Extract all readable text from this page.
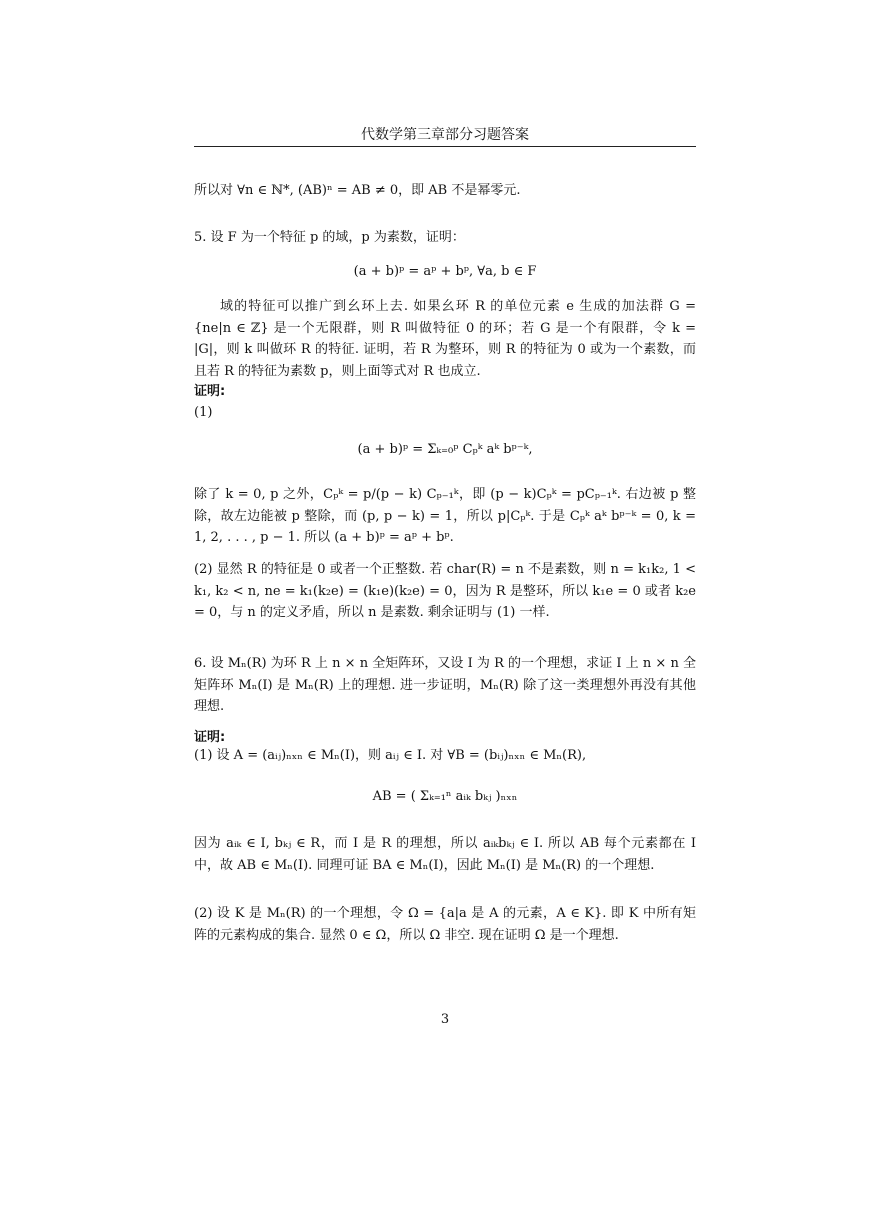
代数学第三章部分习题答案
所以对 ∀n ∈ ℕ*, (AB)ⁿ = AB ≠ 0，即 AB 不是幂零元.
5. 设 F 为一个特征 p 的域，p 为素数，证明：
(a + b)ᵖ = aᵖ + bᵖ, ∀a, b ∈ F
域的特征可以推广到幺环上去. 如果幺环 R 的单位元素 e 生成的加法群 G = {ne|n ∈ ℤ} 是一个无限群，则 R 叫做特征 0 的环；若 G 是一个有限群，令 k = |G|，则 k 叫做环 R 的特征. 证明，若 R 为整环，则 R 的特征为 0 或为一个素数，而且若 R 的特征为素数 p，则上面等式对 R 也成立.
证明:
(1)
(a + b)ᵖ = Σₖ₌₀ᵖ Cₚᵏ aᵏ bᵖ⁻ᵏ,
除了 k = 0, p 之外，Cₚᵏ = p/(p − k) Cₚ₋₁ᵏ，即 (p − k)Cₚᵏ = pCₚ₋₁ᵏ. 右边被 p 整除，故左边能被 p 整除，而 (p, p − k) = 1，所以 p|Cₚᵏ. 于是 Cₚᵏ aᵏ bᵖ⁻ᵏ = 0, k = 1, 2, . . . , p − 1. 所以 (a + b)ᵖ = aᵖ + bᵖ.
(2) 显然 R 的特征是 0 或者一个正整数. 若 char(R) = n 不是素数，则 n = k₁k₂, 1 < k₁, k₂ < n, ne = k₁(k₂e) = (k₁e)(k₂e) = 0，因为 R 是整环，所以 k₁e = 0 或者 k₂e = 0，与 n 的定义矛盾，所以 n 是素数. 剩余证明与 (1) 一样.
6. 设 Mₙ(R) 为环 R 上 n × n 全矩阵环，又设 I 为 R 的一个理想，求证 I 上 n × n 全矩阵环 Mₙ(I) 是 Mₙ(R) 上的理想. 进一步证明，Mₙ(R) 除了这一类理想外再没有其他理想.
证明:
(1) 设 A = (aᵢⱼ)ₙₓₙ ∈ Mₙ(I)，则 aᵢⱼ ∈ I. 对 ∀B = (bᵢⱼ)ₙₓₙ ∈ Mₙ(R),
AB = ( Σₖ₌₁ⁿ aᵢₖ bₖⱼ )ₙₓₙ
因为 aᵢₖ ∈ I, bₖⱼ ∈ R，而 I 是 R 的理想，所以 aᵢₖbₖⱼ ∈ I. 所以 AB 每个元素都在 I 中，故 AB ∈ Mₙ(I). 同理可证 BA ∈ Mₙ(I)，因此 Mₙ(I) 是 Mₙ(R) 的一个理想.
(2) 设 K 是 Mₙ(R) 的一个理想，令 Ω = {a|a 是 A 的元素，A ∈ K}. 即 K 中所有矩阵的元素构成的集合. 显然 0 ∈ Ω，所以 Ω 非空. 现在证明 Ω 是一个理想.
3
